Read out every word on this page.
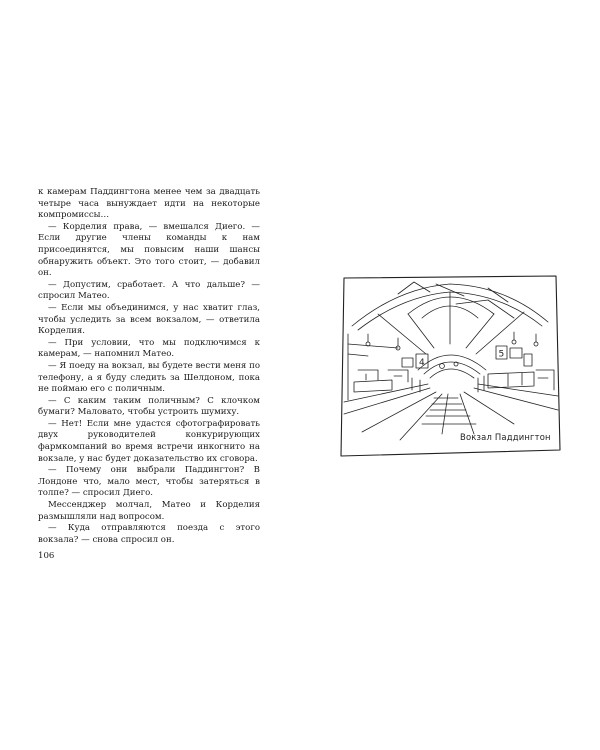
к камерам Паддингтона менее чем за двадцать четыре часа вынуждает идти на некоторые компромиссы…

— Корделия права, — вмешался Диего. — Если другие члены команды к нам присоединятся, мы повысим наши шансы обнаружить объект. Это того стоит, — добавил он.

— Допустим, сработает. А что дальше? — спросил Матео.

— Если мы объединимся, у нас хватит глаз, чтобы уследить за всем вокзалом, — ответила Корделия.

— При условии, что мы подключимся к камерам, — напомнил Матео.

— Я поеду на вокзал, вы будете вести меня по телефону, а я буду следить за Шелдоном, пока не поймаю его с поличным.

— С каким таким поличным? С клочком бумаги? Маловато, чтобы устроить шумиху.

— Нет! Если мне удастся сфотографировать двух руководителей конкурирующих фармкомпаний во время встречи инкогнито на вокзале, у нас будет доказательство их сговора.

— Почему они выбрали Паддингтон? В Лондоне что, мало мест, чтобы затеряться в толпе? — спросил Диего.

Мессенджер молчал, Матео и Корделия размышляли над вопросом.

— Куда отправляются поезда с этого вокзала? — снова спросил он.

106
4
5
Вокзал Паддингтон
